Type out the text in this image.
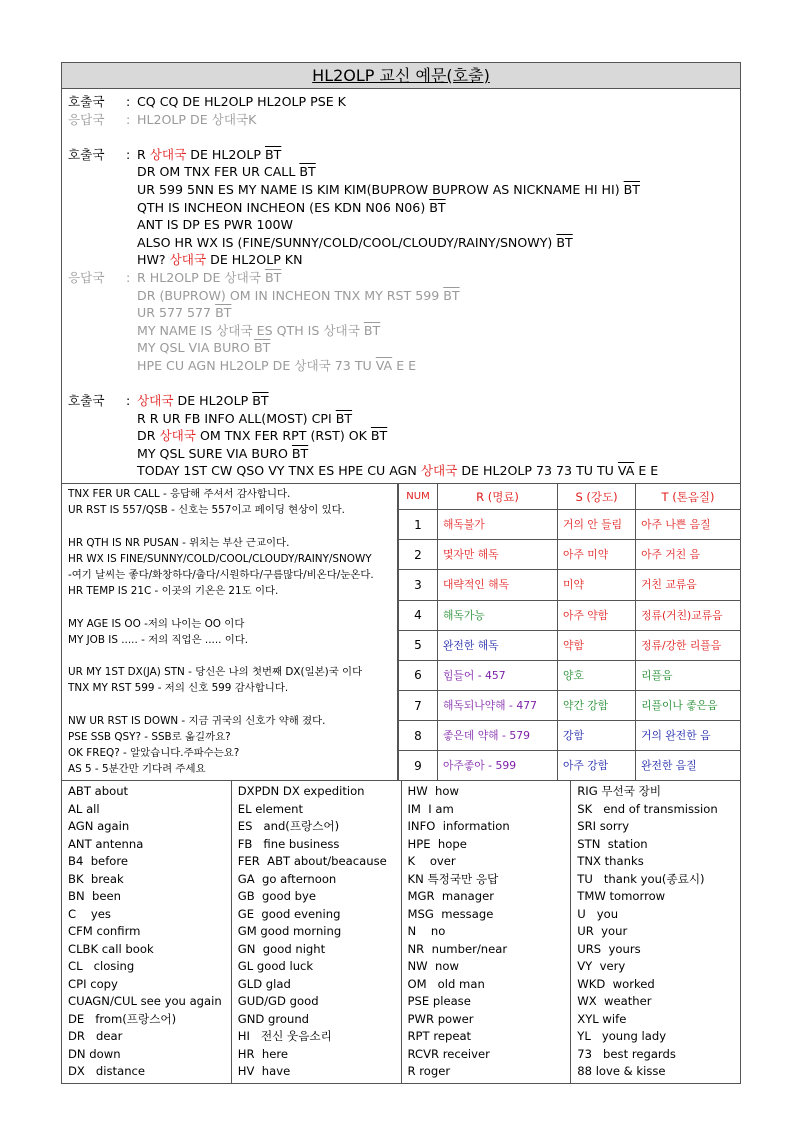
HL2OLP 교신 예문(호출)
호출국	: CQ CQ DE HL2OLP HL2OLP PSE K
응답국	: HL2OLP DE 상대국K
호출국	: R 상대국 DE HL2OLP $\overline{BT}$
DR OM TNX FER UR CALL $\overline{BT}$
UR 599 5NN ES MY NAME IS KIM KIM(BUPROW BUPROW AS NICKNAME HI HI) $\overline{BT}$
QTH IS INCHEON INCHEON (ES KDN N06 N06) $\overline{BT}$
ANT IS DP ES PWR 100W
ALSO HR WX IS (FINE/SUNNY/COLD/COOL/CLOUDY/RAINY/SNOWY) $\overline{BT}$
HW? 상대국 DE HL2OLP KN
응답국	: R HL2OLP DE 상대국 $\overline{BT}$
DR (BUPROW) OM IN INCHEON TNX MY RST 599 $\overline{BT}$
UR 577 577 $\overline{BT}$
MY NAME IS 상대국 ES QTH IS 상대국 $\overline{BT}$
MY QSL VIA BURO $\overline{BT}$
HPE CU AGN HL2OLP DE 상대국 73 TU $\overline{VA}$ E E
호출국	: 상대국 DE HL2OLP $\overline{BT}$
R R UR FB INFO ALL(MOST) CPI $\overline{BT}$
DR 상대국 OM TNX FER RPT (RST) OK $\overline{BT}$
MY QSL SURE VIA BURO $\overline{BT}$
TODAY 1ST CW QSO VY TNX ES HPE CU AGN 상대국 DE HL2OLP 73 73 TU TU $\overline{VA}$ E E
TNX FER UR CALL - 응답해 주셔서 감사합니다.
UR RST IS 557/QSB - 신호는 557이고 페이딩 현상이 있다.
HR QTH IS NR PUSAN - 위치는 부산 근교이다.
HR WX IS FINE/SUNNY/COLD/COOL/CLOUDY/RAINY/SNOWY
-여기 날씨는 좋다/화창하다/춥다/시원하다/구름많다/비온다/눈온다.
HR TEMP IS 21C - 이곳의 기온은 21도 이다.
MY AGE IS OO -저의 나이는 OO 이다
MY JOB IS ..... - 저의 직업은 ..... 이다.
UR MY 1ST DX(JA) STN - 당신은 나의 첫번째 DX(일본)국 이다
TNX MY RST 599 - 저의 신호 599 감사합니다.
NW UR RST IS DOWN - 지금 귀국의 신호가 약해 졌다.
PSE SSB QSY? - SSB로 옮길까요?
OK FREQ? - 알았습니다.주파수는요?
AS 5 - 5분간만 기다려 주세요
NUM	R (명료)	S (강도)	T (톤음질)
1	해독불가	거의 안 들림	아주 나쁜 음질
2	몇자만 해독	아주 미약	아주 거친 음
3	대략적인 해독	미약	거친 교류음
4	해독가능	아주 약함	정류(거친)교류음
5	완전한 해독	약함	정류/강한 리플음
6	힘들어 - 457	양호	리플음
7	해독되나약해 - 477	약간 강함	리플이나 좋은음
8	좋은데 약해 - 579	강함	거의 완전한 음
9	아주좋아 - 599	아주 강함	완전한 음질
ABT about
AL all
AGN again
ANT antenna
B4  before
BK  break
BN  been
C    yes
CFM confirm
CLBK call book
CL   closing
CPI copy
CUAGN/CUL see you again
DE   from(프랑스어)
DR   dear
DN down
DX   distance
DXPDN DX expedition
EL element
ES   and(프랑스어)
FB   fine business
FER  ABT about/beacause
GA  go afternoon
GB  good bye
GE  good evening
GM good morning
GN  good night
GL good luck
GLD glad
GUD/GD good
GND ground
HI   전신 웃음소리
HR  here
HV  have
HW  how
IM  I am
INFO  information
HPE  hope
K    over
KN 특정국만 응답
MGR  manager
MSG  message
N    no
NR  number/near
NW  now
OM   old man
PSE please
PWR power
RPT repeat
RCVR receiver
R roger
RIG 무선국 장비
SK   end of transmission
SRI sorry
STN  station
TNX thanks
TU   thank you(종료시)
TMW tomorrow
U   you
UR  your
URS  yours
VY  very
WKD  worked
WX  weather
XYL wife
YL   young lady
73   best regards
88 love & kisse
